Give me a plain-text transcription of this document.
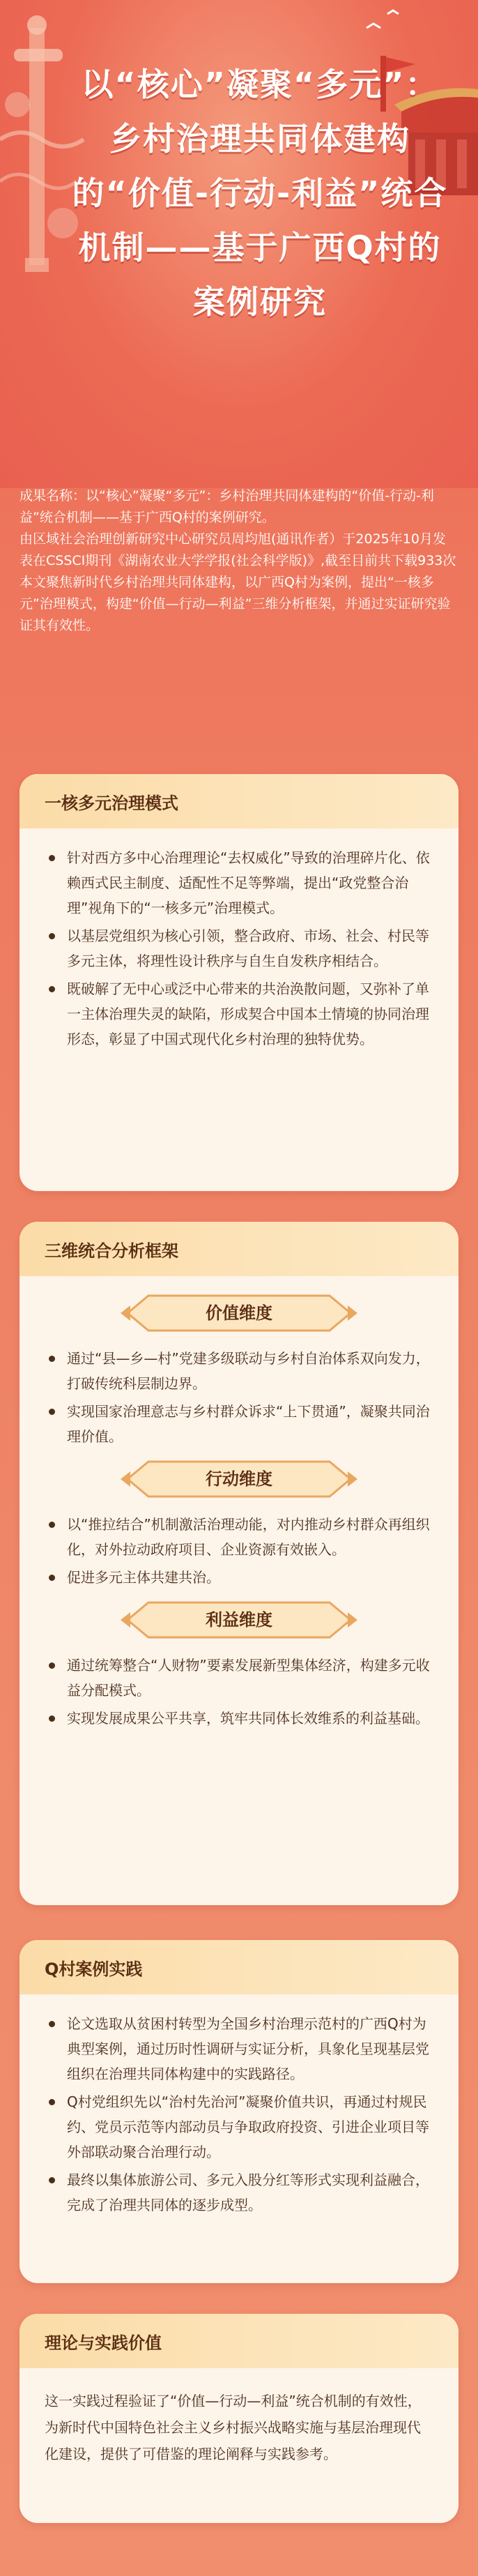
以“核心”凝聚“多元”：乡村治理共同体建构的“价值-行动-利益”统合机制——基于广西Q村的案例研究

成果名称：以“核心”凝聚“多元”：乡村治理共同体建构的“价值-行动-利益”统合机制——基于广西Q村的案例研究。

由区域社会治理创新研究中心研究员周均旭(通讯作者）于2025年10月发表在CSSCI期刊《湖南农业大学学报(社会科学版)》,截至目前共下载933次

本文聚焦新时代乡村治理共同体建构，以广西Q村为案例，提出“一核多元”治理模式，构建“价值—行动—利益”三维分析框架，并通过实证研究验证其有效性。

一核多元治理模式
针对西方多中心治理理论“去权威化”导致的治理碎片化、依赖西式民主制度、适配性不足等弊端，提出“政党整合治理”视角下的“一核多元”治理模式。
以基层党组织为核心引领，整合政府、市场、社会、村民等多元主体，将理性设计秩序与自生自发秩序相结合。
既破解了无中心或泛中心带来的共治涣散问题，又弥补了单一主体治理失灵的缺陷，形成契合中国本土情境的协同治理形态，彰显了中国式现代化乡村治理的独特优势。
三维统合分析框架
价值维度
通过“县—乡—村”党建多级联动与乡村自治体系双向发力，打破传统科层制边界。
实现国家治理意志与乡村群众诉求“上下贯通”，凝聚共同治理价值。
行动维度
以“推拉结合”机制激活治理动能，对内推动乡村群众再组织化，对外拉动政府项目、企业资源有效嵌入。
促进多元主体共建共治。
利益维度
通过统筹整合“人财物”要素发展新型集体经济，构建多元收益分配模式。
实现发展成果公平共享，筑牢共同体长效维系的利益基础。
Q村案例实践
论文选取从贫困村转型为全国乡村治理示范村的广西Q村为典型案例，通过历时性调研与实证分析，具象化呈现基层党组织在治理共同体构建中的实践路径。
Q村党组织先以“治村先治河”凝聚价值共识，再通过村规民约、党员示范等内部动员与争取政府投资、引进企业项目等外部联动聚合治理行动。
最终以集体旅游公司、多元入股分红等形式实现利益融合，完成了治理共同体的逐步成型。
理论与实践价值
这一实践过程验证了“价值—行动—利益”统合机制的有效性，为新时代中国特色社会主义乡村振兴战略实施与基层治理现代化建设，提供了可借鉴的理论阐释与实践参考。
